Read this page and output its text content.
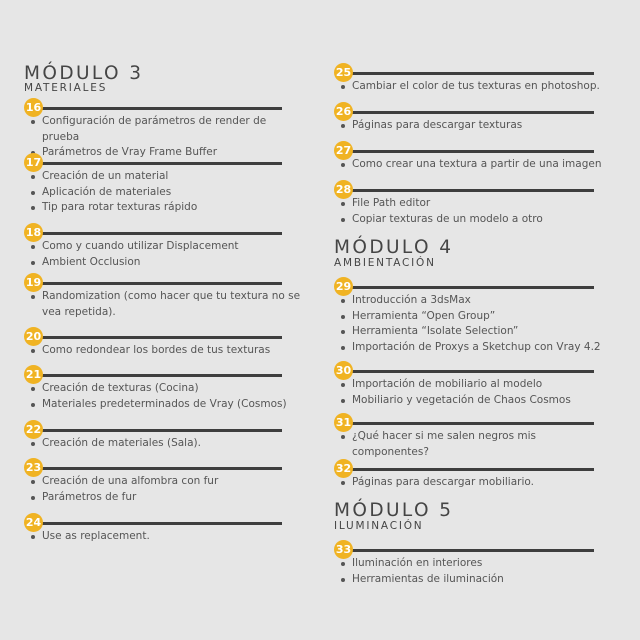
MÓDULO 3
MATERIALES
16
Configuración de parámetros de render de prueba
Parámetros de Vray Frame Buffer
17
Creación de un material
Aplicación de materiales
Tip para rotar texturas rápido
18
Como y cuando utilizar Displacement
Ambient Occlusion
19
Randomization (como hacer que tu textura no se vea repetida).
20
Como redondear los bordes de tus texturas
21
Creación de texturas (Cocina)
Materiales predeterminados de Vray (Cosmos)
22
Creación de materiales (Sala).
23
Creación de una alfombra con fur
Parámetros de fur
24
Use as replacement.
25
Cambiar el color de tus texturas en photoshop.
26
Páginas para descargar texturas
27
Como crear una textura a partir de una imagen
28
File Path editor
Copiar texturas de un modelo a otro
MÓDULO 4
AMBIENTACIÓN
29
Introducción a 3dsMax
Herramienta “Open Group”
Herramienta “Isolate Selection”
Importación de Proxys a Sketchup con Vray 4.2
30
Importación de mobiliario al modelo
Mobiliario y vegetación de Chaos Cosmos
31
¿Qué hacer si me salen negros mis componentes?
32
Páginas para descargar mobiliario.
MÓDULO 5
ILUMINACIÓN
33
Iluminación en interiores
Herramientas de iluminación
